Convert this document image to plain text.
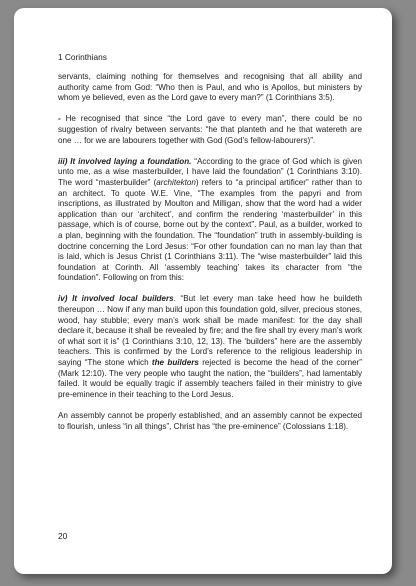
1 Corinthians

servants, claiming nothing for themselves and recognising that all ability and authority came from God: “Who then is Paul, and who is Apollos, but ministers by whom ye believed, even as the Lord gave to every man?” (1 Corinthians 3:5).

- He recognised that since “the Lord gave to every man”, there could be no suggestion of rivalry between servants: “he that planteth and he that watereth are one … for we are labourers together with God (God’s fellow-labourers)”.

iii) It involved laying a foundation. “According to the grace of God which is given unto me, as a wise masterbuilder, I have laid the foundation” (1 Corinthians 3:10). The word “masterbuilder” (architekton) refers to “a principal artificer” rather than to an architect. To quote W.E. Vine, “The examples from the papyri and from inscriptions, as illustrated by Moulton and Milligan, show that the word had a wider application than our ‘architect’, and confirm the rendering ‘masterbuilder’ in this passage, which is of course, borne out by the context”. Paul, as a builder, worked to a plan, beginning with the foundation. The “foundation” truth in assembly-building is doctrine concerning the Lord Jesus: “For other foundation can no man lay than that is laid, which is Jesus Christ (1 Corinthians 3:11). The “wise masterbuilder” laid this foundation at Corinth. All ‘assembly teaching’ takes its character from “the foundation”. Following on from this:

iv) It involved local builders. “But let every man take heed how he buildeth thereupon … Now if any man build upon this foundation gold, silver, precious stones, wood, hay stubble; every man’s work shall be made manifest: for the day shall declare it, because it shall be revealed by fire; and the fire shall try every man’s work of what sort it is” (1 Corinthians 3:10, 12, 13). The ‘builders” here are the assembly teachers. This is confirmed by the Lord’s reference to the religious leadership in saying “The stone which the builders rejected is become the head of the corner” (Mark 12:10). The very people who taught the nation, the “builders”, had lamentably failed. It would be equally tragic if assembly teachers failed in their ministry to give pre-eminence in their teaching to the Lord Jesus.

An assembly cannot be properly established, and an assembly cannot be expected to flourish, unless “in all things”, Christ has “the pre-eminence” (Colossians 1:18).

20
